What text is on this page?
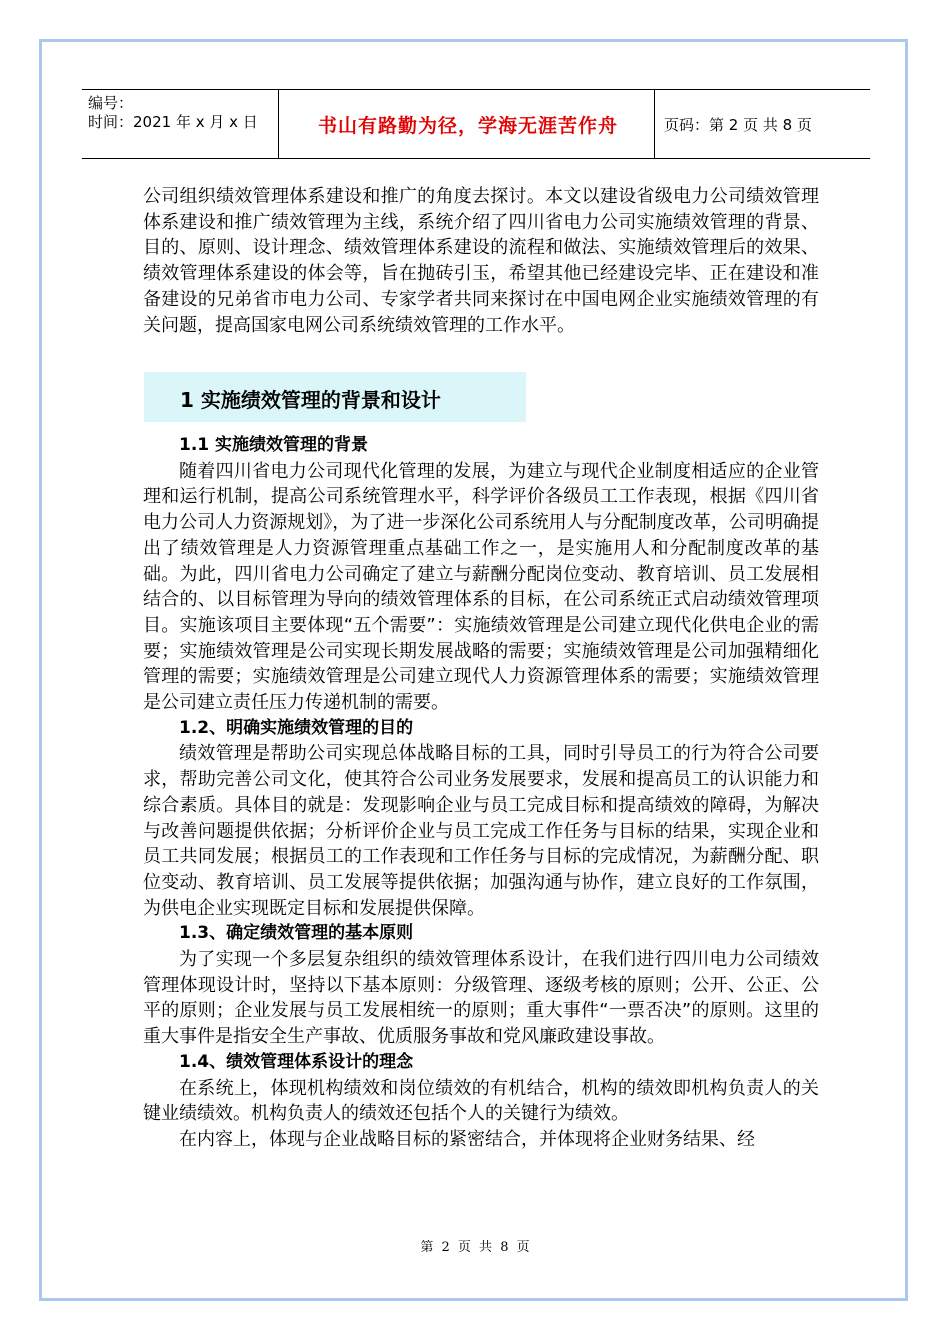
编号：
时间：2021 年 x 月 x 日	书山有路勤为径，学海无涯苦作舟	页码：第 2 页 共 8 页

公司组织绩效管理体系建设和推广的角度去探讨。本文以建设省级电力公司绩效管理体系建设和推广绩效管理为主线，系统介绍了四川省电力公司实施绩效管理的背景、目的、原则、设计理念、绩效管理体系建设的流程和做法、实施绩效管理后的效果、绩效管理体系建设的体会等，旨在抛砖引玉，希望其他已经建设完毕、正在建设和准备建设的兄弟省市电力公司、专家学者共同来探讨在中国电网企业实施绩效管理的有关问题，提高国家电网公司系统绩效管理的工作水平。

1 实施绩效管理的背景和设计

1.1 实施绩效管理的背景

随着四川省电力公司现代化管理的发展，为建立与现代企业制度相适应的企业管理和运行机制，提高公司系统管理水平，科学评价各级员工工作表现，根据《四川省电力公司人力资源规划》，为了进一步深化公司系统用人与分配制度改革，公司明确提出了绩效管理是人力资源管理重点基础工作之一，是实施用人和分配制度改革的基础。为此，四川省电力公司确定了建立与薪酬分配岗位变动、教育培训、员工发展相结合的、以目标管理为导向的绩效管理体系的目标，在公司系统正式启动绩效管理项目。实施该项目主要体现“五个需要”：实施绩效管理是公司建立现代化供电企业的需要；实施绩效管理是公司实现长期发展战略的需要；实施绩效管理是公司加强精细化管理的需要；实施绩效管理是公司建立现代人力资源管理体系的需要；实施绩效管理是公司建立责任压力传递机制的需要。

1.2、明确实施绩效管理的目的

绩效管理是帮助公司实现总体战略目标的工具，同时引导员工的行为符合公司要求，帮助完善公司文化，使其符合公司业务发展要求，发展和提高员工的认识能力和综合素质。具体目的就是：发现影响企业与员工完成目标和提高绩效的障碍，为解决与改善问题提供依据；分析评价企业与员工完成工作任务与目标的结果，实现企业和员工共同发展；根据员工的工作表现和工作任务与目标的完成情况，为薪酬分配、职位变动、教育培训、员工发展等提供依据；加强沟通与协作，建立良好的工作氛围，为供电企业实现既定目标和发展提供保障。

1.3、确定绩效管理的基本原则

为了实现一个多层复杂组织的绩效管理体系设计，在我们进行四川电力公司绩效管理体现设计时，坚持以下基本原则：分级管理、逐级考核的原则；公开、公正、公平的原则；企业发展与员工发展相统一的原则；重大事件“一票否决”的原则。这里的重大事件是指安全生产事故、优质服务事故和党风廉政建设事故。

1.4、绩效管理体系设计的理念

在系统上，体现机构绩效和岗位绩效的有机结合，机构的绩效即机构负责人的关键业绩绩效。机构负责人的绩效还包括个人的关键行为绩效。

在内容上，体现与企业战略目标的紧密结合，并体现将企业财务结果、经

第 2 页 共 8 页
